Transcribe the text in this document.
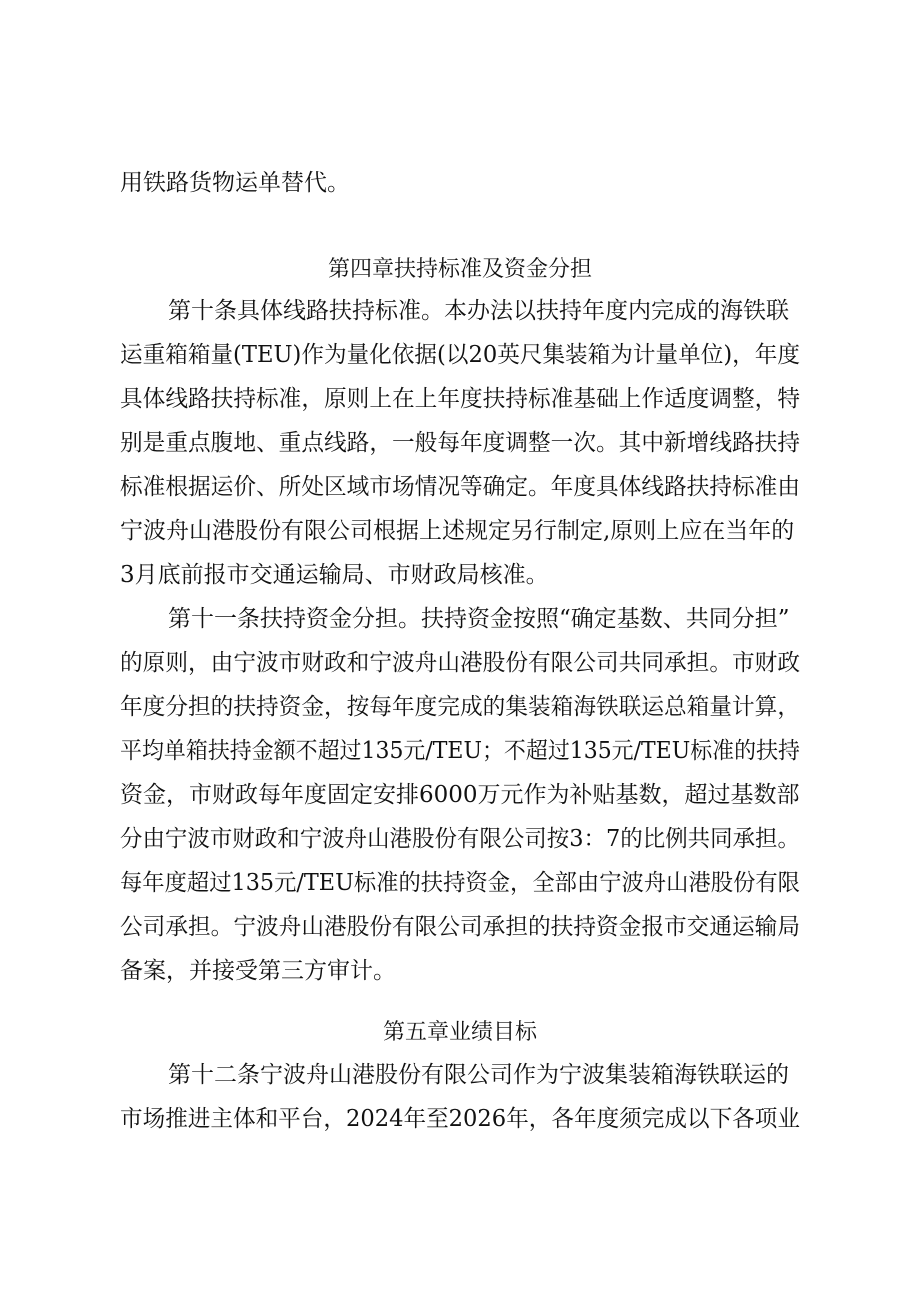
用铁路货物运单替代。
第四章扶持标准及资金分担
第十条具体线路扶持标准。本办法以扶持年度内完成的海铁联
运重箱箱量(TEU)作为量化依据(以20英尺集装箱为计量单位)，年度
具体线路扶持标准，原则上在上年度扶持标准基础上作适度调整，特
别是重点腹地、重点线路，一般每年度调整一次。其中新增线路扶持
标准根据运价、所处区域市场情况等确定。年度具体线路扶持标准由
宁波舟山港股份有限公司根据上述规定另行制定,原则上应在当年的
3月底前报市交通运输局、市财政局核准。
第十一条扶持资金分担。扶持资金按照“确定基数、共同分担”
的原则，由宁波市财政和宁波舟山港股份有限公司共同承担。市财政
年度分担的扶持资金，按每年度完成的集装箱海铁联运总箱量计算，
平均单箱扶持金额不超过135元/TEU；不超过135元/TEU标准的扶持
资金，市财政每年度固定安排6000万元作为补贴基数，超过基数部
分由宁波市财政和宁波舟山港股份有限公司按3：7的比例共同承担。
每年度超过135元/TEU标准的扶持资金，全部由宁波舟山港股份有限
公司承担。宁波舟山港股份有限公司承担的扶持资金报市交通运输局
备案，并接受第三方审计。
第五章业绩目标
第十二条宁波舟山港股份有限公司作为宁波集装箱海铁联运的
市场推进主体和平台，2024年至2026年，各年度须完成以下各项业
